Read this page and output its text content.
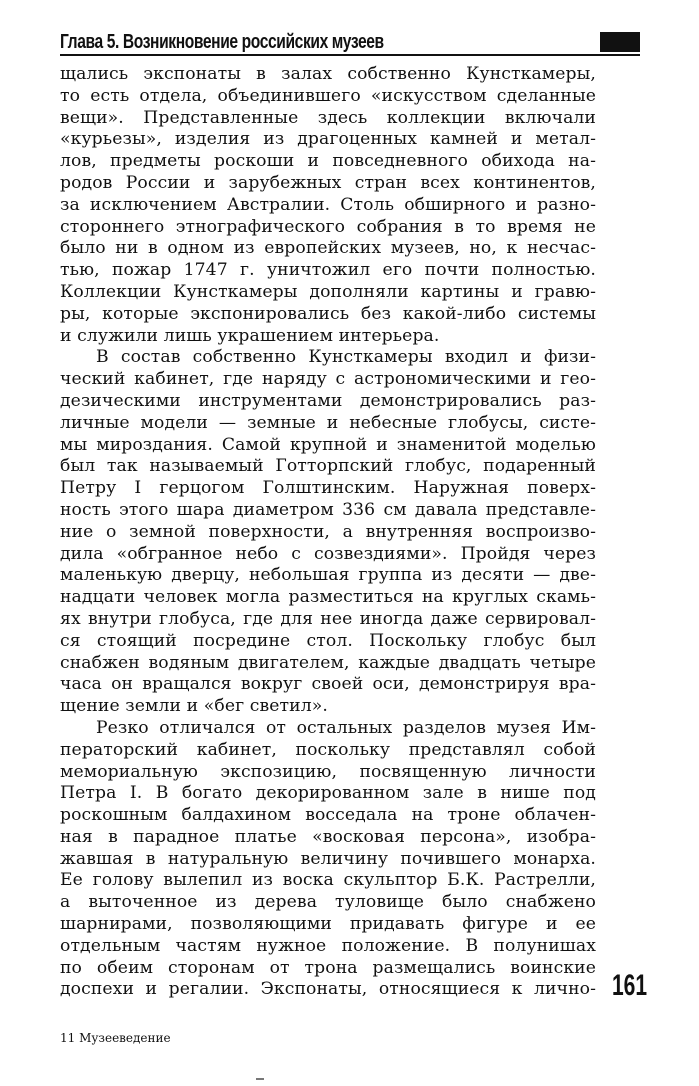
Глава 5. Возникновение российских музеев

щались экспонаты в залах собственно Кунсткамеры,
то есть отдела, объединившего «искусством сделанные
вещи». Представленные здесь коллекции включали
«курьезы», изделия из драгоценных камней и метал-
лов, предметы роскоши и повседневного обихода на-
родов России и зарубежных стран всех континентов,
за исключением Австралии. Столь обширного и разно-
стороннего этнографического собрания в то время не
было ни в одном из европейских музеев, но, к несчас-
тью, пожар 1747 г. уничтожил его почти полностью.
Коллекции Кунсткамеры дополняли картины и гравю-
ры, которые экспонировались без какой-либо системы
и служили лишь украшением интерьера.

В состав собственно Кунсткамеры входил и физи-
ческий кабинет, где наряду с астрономическими и гео-
дезическими инструментами демонстрировались раз-
личные модели — земные и небесные глобусы, систе-
мы мироздания. Самой крупной и знаменитой моделью
был так называемый Готторпский глобус, подаренный
Петру I герцогом Голштинским. Наружная поверх-
ность этого шара диаметром 336 см давала представле-
ние о земной поверхности, а внутренняя воспроизво-
дила «обгранное небо с созвездиями». Пройдя через
маленькую дверцу, небольшая группа из десяти — две-
надцати человек могла разместиться на круглых скамь-
ях внутри глобуса, где для нее иногда даже сервировал-
ся стоящий посредине стол. Поскольку глобус был
снабжен водяным двигателем, каждые двадцать четыре
часа он вращался вокруг своей оси, демонстрируя вра-
щение земли и «бег светил».

Резко отличался от остальных разделов музея Им-
ператорский кабинет, поскольку представлял собой
мемориальную экспозицию, посвященную личности
Петра I. В богато декорированном зале в нише под
роскошным балдахином восседала на троне облачен-
ная в парадное платье «восковая персона», изобра-
жавшая в натуральную величину почившего монарха.
Ее голову вылепил из воска скульптор Б.К. Растрелли,
а выточенное из дерева туловище было снабжено
шарнирами, позволяющими придавать фигуре и ее
отдельным частям нужное положение. В полунишах
по обеим сторонам от трона размещались воинские
доспехи и регалии. Экспонаты, относящиеся к лично- 161
11 Музееведение
